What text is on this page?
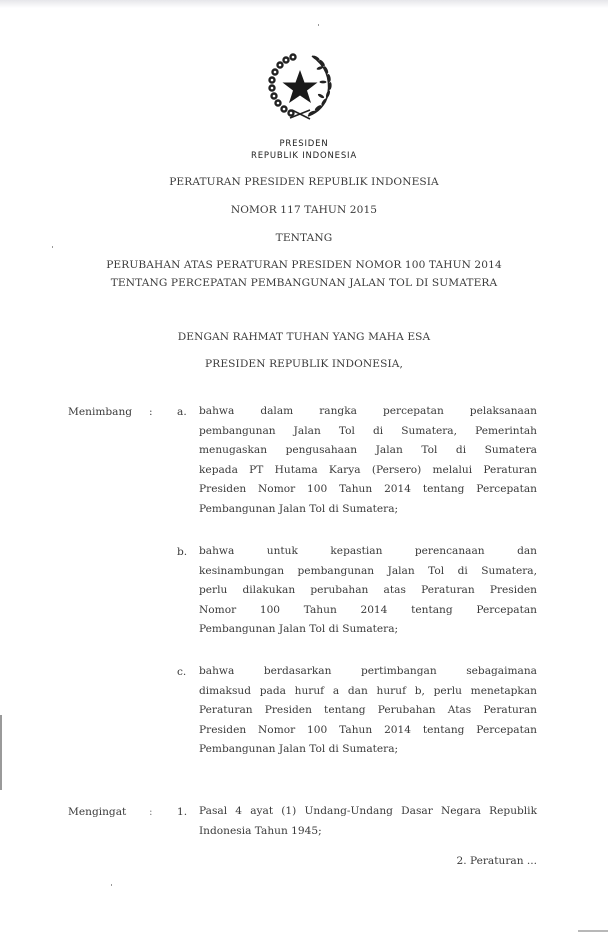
PRESIDEN
REPUBLIK INDONESIA
PERATURAN PRESIDEN REPUBLIK INDONESIA
NOMOR 117 TAHUN 2015
TENTANG
PERUBAHAN ATAS PERATURAN PRESIDEN NOMOR 100 TAHUN 2014
TENTANG PERCEPATAN PEMBANGUNAN JALAN TOL DI SUMATERA
DENGAN RAHMAT TUHAN YANG MAHA ESA
PRESIDEN REPUBLIK INDONESIA,
Menimbang : a. bahwa dalam rangka percepatan pelaksanaan
pembangunan Jalan Tol di Sumatera, Pemerintah
menugaskan pengusahaan Jalan Tol di Sumatera
kepada PT Hutama Karya (Persero) melalui Peraturan
Presiden Nomor 100 Tahun 2014 tentang Percepatan
Pembangunan Jalan Tol di Sumatera;
b. bahwa untuk kepastian perencanaan dan
kesinambungan pembangunan Jalan Tol di Sumatera,
perlu dilakukan perubahan atas Peraturan Presiden
Nomor 100 Tahun 2014 tentang Percepatan
Pembangunan Jalan Tol di Sumatera;
c. bahwa berdasarkan pertimbangan sebagaimana
dimaksud pada huruf a dan huruf b, perlu menetapkan
Peraturan Presiden tentang Perubahan Atas Peraturan
Presiden Nomor 100 Tahun 2014 tentang Percepatan
Pembangunan Jalan Tol di Sumatera;
Mengingat : 1. Pasal 4 ayat (1) Undang-Undang Dasar Negara Republik
Indonesia Tahun 1945;
2. Peraturan ...
